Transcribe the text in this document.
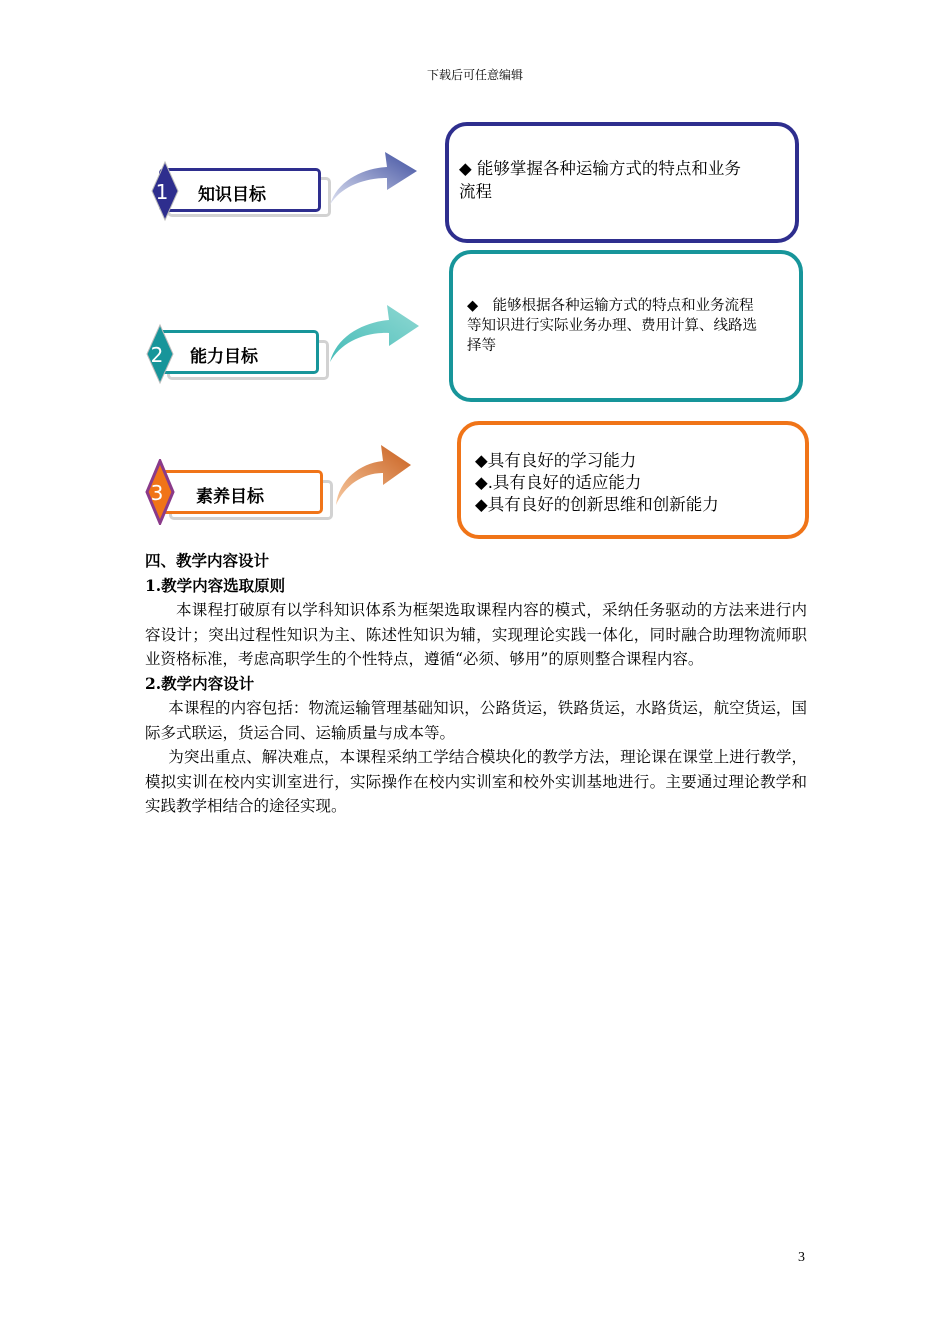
下载后可任意编辑
知识目标
1
◆ 能够掌握各种运输方式的特点和业务
流程
能力目标
2
◆　能够根据各种运输方式的特点和业务流程
等知识进行实际业务办理、费用计算、线路选
择等
素养目标
3
◆具有良好的学习能力
◆.具有良好的适应能力
◆具有良好的创新思维和创新能力
四、教学内容设计
1.教学内容选取原则
本课程打破原有以学科知识体系为框架选取课程内容的模式，采纳任务驱动的方法来进行内容设计；突出过程性知识为主、陈述性知识为辅，实现理论实践一体化，同时融合助理物流师职业资格标准，考虑高职学生的个性特点，遵循“必须、够用”的原则整合课程内容。
2.教学内容设计
本课程的内容包括：物流运输管理基础知识，公路货运，铁路货运，水路货运，航空货运，国际多式联运，货运合同、运输质量与成本等。
为突出重点、解决难点，本课程采纳工学结合模块化的教学方法，理论课在课堂上进行教学，模拟实训在校内实训室进行，实际操作在校内实训室和校外实训基地进行。主要通过理论教学和实践教学相结合的途径实现。
3
